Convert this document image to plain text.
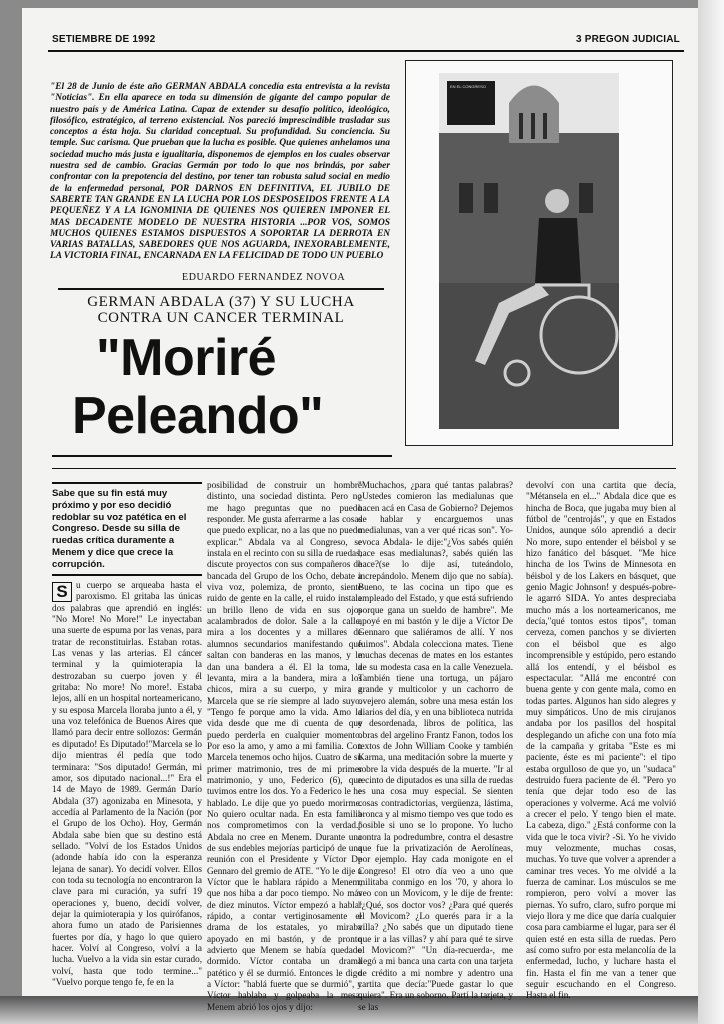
SETIEMBRE DE 1992	3 PREGON JUDICIAL
"El 28 de Junio de éste año GERMAN ABDALA concedía esta entrevista a la revista "Noticias". En ella aparece en toda su dimensión de gigante del campo popular de nuestro país y de América Latina. Capaz de extender su desafío político, ideológico, filosófico, estratégico, al terreno existencial. Nos pareció imprescindible trasladar sus conceptos a ésta hoja. Su claridad conceptual. Su profundidad. Su conciencia. Su temple. Suc carisma. Que prueban que la lucha es posible. Que quienes anhelamos una sociedad mucho más justa e igualitaria, disponemos de ejemplos en los cuales observar nuestra sed de cambio. Gracias Germán por todo lo que nos brindás, por saber confrontar con la prepotencia del destino, por tener tan robusta salud social en medio de la enfermedad personal, POR DARNOS EN DEFINITIVA, EL JUBILO DE SABERTE TAN GRANDE EN LA LUCHA POR LOS DESPOSEIDOS FRENTE A LA PEQUEÑEZ Y A LA IGNOMINIA DE QUIENES NOS QUIEREN IMPONER EL MAS DECADENTE MODELO DE NUESTRA HISTORIA ...POR VOS, SOMOS MUCHOS QUIENES ESTAMOS DISPUESTOS A SOPORTAR LA DERROTA EN VARIAS BATALLAS, SABEDORES QUE NOS AGUARDA, INEXORABLEMENTE, LA VICTORIA FINAL, ENCARNADA EN LA FELICIDAD DE TODO UN PUEBLO
EDUARDO FERNANDEZ NOVOA
GERMAN ABDALA (37) Y SU LUCHA
CONTRA UN CANCER TERMINAL
"Moriré
Peleando"
EN EL CONGRESO
Sabe que su fin está muy próximo y por eso decidió redoblar su voz patética en el Congreso. Desde su silla de ruedas crítica duramente a Menem y dice que crece la corrupción.
S u cuerpo se arqueaba hasta el paroxismo. El gritaba las únicas dos palabras que aprendió en inglés: "No More! No More!" Le inyectaban una suerte de espuma por las venas, para tratar de reconstituirlas. Estaban rotas. Las venas y las arterias. El cáncer terminal y la quimioterapia la destrozaban su cuerpo joven y él gritaba: No more! No more!. Estaba lejos, allí en un hospital norteamericano, y su esposa Marcela lloraba junto a él, y una voz telefónica de Buenos Aires que llamó para decir entre sollozos: Germán es diputado! Es Diputado!"Marcela se lo dijo mientras él pedía que todo terminara: "Sos diputado! Germán, mi amor, sos diputado nacional...!" Era el 14 de Mayo de 1989. Germán Darío Abdala (37) agonizaba en Minesota, y accedía al Parlamento de la Nación (por el Grupo de los Ocho). Hoy, Germán Abdala sabe bien que su destino está sellado. "Volví de los Estados Unidos (adonde había ido con la esperanza lejana de sanar). Yo decidí volver. Ellos con toda su tecnología no encontraron la clave para mi curación, ya sufrí 19 operaciones y, bueno, decidí volver, dejar la quimioterapia y los quirófanos, ahora fumo un atado de Parisiennes fuertes por día, y hago lo que quiero hacer. Volví al Congreso, volví a la lucha. Vuelvo a la vida sin estar curado, volví, hasta que todo termine..." "Vuelvo porque tengo fe, fe en la
posibilidad de construir un hombre distinto, una sociedad distinta. Pero no me hago preguntas que no puedo responder. Me gusta aferrarme a las cosas que puedo explicar, no a las que no puedo explicar." Abdala va al Congreso, se instala en el recinto con su silla de ruedas, discute proyectos con sus compañeros de bancada del Grupo de los Ocho, debate a viva voz, polemiza, de pronto, siente ruido de gente en la calle, el ruido instala un brillo lleno de vida en sus ojos acalambrados de dolor. Sale a la calle, mira a los docentes y a millares de alumnos secundarios manifestando que saltan con banderas en las manos, y le dan una bandera a él. El la toma, la levanta, mira a la bandera, mira a los chicos, mira a su cuerpo, y mira a Marcela que se ríe siempre al lado suyo. "Tengo fe porque amo la vida. Amo la vida desde que me di cuenta de que puedo perderla en cualquier momento. Por eso la amo, y amo a mi familia. Con Marcela tenemos ocho hijos. Cuatro de su primer matrimonio, tres de mi primer matrimonio, y uno, Federico (6), que tuvimos entre los dos. Yo a Federico le he hablado. Le dije que yo puedo morirme. No quiero ocultar nada. En esta familia nos comprometimos con la verdad." Abdala no cree en Menem. Durante una de sus endebles mejorías participó de una reunión con el Presidente y Víctor De Gennaro del gremio de ATE. "Yo le dije a Víctor que le hablara rápido a Menem, que nos hiba a dar poco tiempo. No más de diez minutos. Víctor empezó a hablar rápido, a contar vertiginosamente el drama de los estatales, yo miraba apoyado en mi bastón, y de pronto advierto que Menem se había quedado dormido. Víctor contaba un drama patético y él se durmió. Entonces le digo a Víctor: "hablá fuerte que se durmió", y Víctor hablaba y golpeaba la mesa. Menem abrió los ojos y dijo:
"Muchachos, ¿para qué tantas palabras? ¿Ustedes comieron las medialunas que hacen acá en Casa de Gobierno? Dejemos de hablar y encarguemos unas medialunas, van a ver qué ricas son". Yo-evoca Abdala- le dije:"¿Vos sabés quién hace esas medialunas?, sabés quién las hace?(se lo dije así, tuteándolo, increpándolo. Menem dijo que no sabía). Bueno, te las cocina un tipo que es empleado del Estado, y que está sufriendo porque gana un sueldo de hambre". Me apoyé en mi bastón y le dije a Víctor De Gennaro que saliéramos de allí. Y nos fuimos". Abdala colecciona mates. Tiene muchas decenas de mates en los estantes de su modesta casa en la calle Venezuela. También tiene una tortuga, un pájaro grande y multicolor y un cachorro de ovejero alemán, sobre una mesa están los diarios del día, y en una biblioteca nutrida y desordenada, libros de política, las obras del argelino Frantz Fanon, todos los textos de John William Cooke y también Karma, una meditación sobre la muerte y sobre la vida después de la muerte. "Ir al recinto de diputados es una silla de ruedas es una cosa muy especial. Se sienten cosas contradictorias, vergüenza, lástima, bronca y al mismo tiempo ves que todo es posible si uno se lo propone. Yo lucho contra la podredumbre, contra el desastre que fue la privatización de Aerolíneas, por ejemplo. Hay cada monigote en el Congreso! El otro día veo a uno que militaba conmigo en los '70, y ahora lo veo con un Movicom, y le dije de frente: "¿Qué, sos doctor vos? ¿Para qué querés el Movicom? ¿Lo querés para ir a la villa? ¿No sabés que un diputado tiene que ir a las villas? y ahí para qué te sirve el Movicom?" "Un día-recuerda-, me llegó a mi banca una carta con una tarjeta de crédito a mi nombre y adentro una cartita que decía:"Puede gastar lo que quiera". Era un soborno. Partí la tarjeta, y se las
devolví con una cartita que decía, "Métansela en el..." Abdala dice que es hincha de Boca, que jugaba muy bien al fútbol de "centrojás", y que en Estados Unidos, aunque sólo aprendió a decir No more, supo entender el béisbol y se hizo fanático del básquet. "Me hice hincha de los Twins de Minnesota en béisbol y de los Lakers en básquet, que genio Magic Johnson! y después-pobre- le agarró SIDA. Yo antes despreciaba mucho más a los norteamericanos, me decía,"qué tontos estos tipos", toman cerveza, comen panchos y se divierten con el béisbol que es algo incomprensible y estúpido, pero estando allá los entendí, y el béisbol es espectacular. "Allá me encontré con buena gente y con gente mala, como en todas partes. Algunos han sido alegres y muy simpáticos. Uno de mis cirujanos andaba por los pasillos del hospital desplegando un afiche con una foto mía de la campaña y gritaba "Este es mi paciente, éste es mi paciente": el tipo estaba orgulloso de que yo, un "sudaca" destruido fuera paciente de él. "Pero yo tenía que dejar todo eso de las operaciones y volverme. Acá me volvió a crecer el pelo. Y tengo bien el mate. La cabeza, digo." ¿Está conforme con la vida que le toca vivir? -Si. Yo he vivido muy velozmente, muchas cosas, muchas. Yo tuve que volver a aprender a caminar tres veces. Yo me olvidé a la fuerza de caminar. Los músculos se me rompieron, pero volví a mover las piernas. Yo sufro, claro, sufro porque mi viejo llora y me dice que daría cualquier cosa para cambiarme el lugar, para ser él quien esté en esta silla de ruedas. Pero así como sufro por esta melancolía de la enfermedad, lucho, y luchare hasta el fin. Hasta el fin me van a tener que seguir escuchando en el Congreso. Hasta el fin.
